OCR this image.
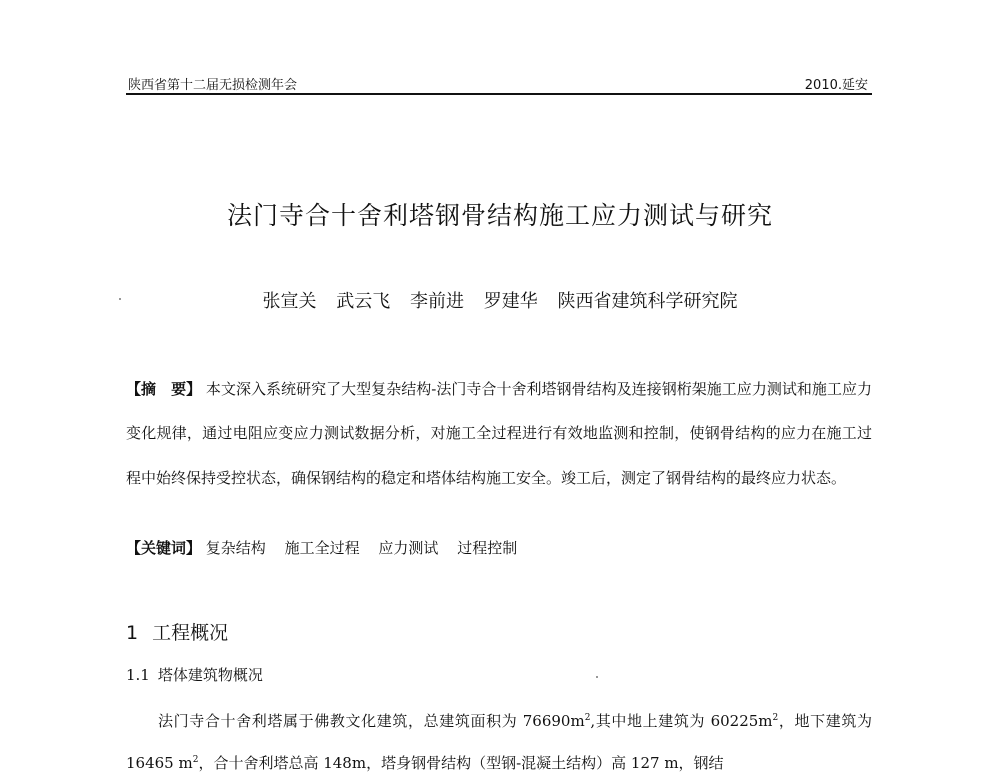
陕西省第十二届无损检测年会	2010.延安
法门寺合十舍利塔钢骨结构施工应力测试与研究
张宣关 武云飞 李前进 罗建华 陕西省建筑科学研究院
【摘　要】 本文深入系统研究了大型复杂结构-法门寺合十舍利塔钢骨结构及连接钢桁架施工应力测试和施工应力变化规律，通过电阻应变应力测试数据分析，对施工全过程进行有效地监测和控制，使钢骨结构的应力在施工过程中始终保持受控状态，确保钢结构的稳定和塔体结构施工安全。竣工后，测定了钢骨结构的最终应力状态。
【关键词】 复杂结构 施工全过程 应力测试 过程控制
1 工程概况
1.1 塔体建筑物概况
法门寺合十舍利塔属于佛教文化建筑，总建筑面积为 $76690m^2$,其中地上建筑为 $60225m^2$，地下建筑为 16465 $m^2$，合十舍利塔总高 148m，塔身钢骨结构（型钢-混凝土结构）高 127 m，钢结
